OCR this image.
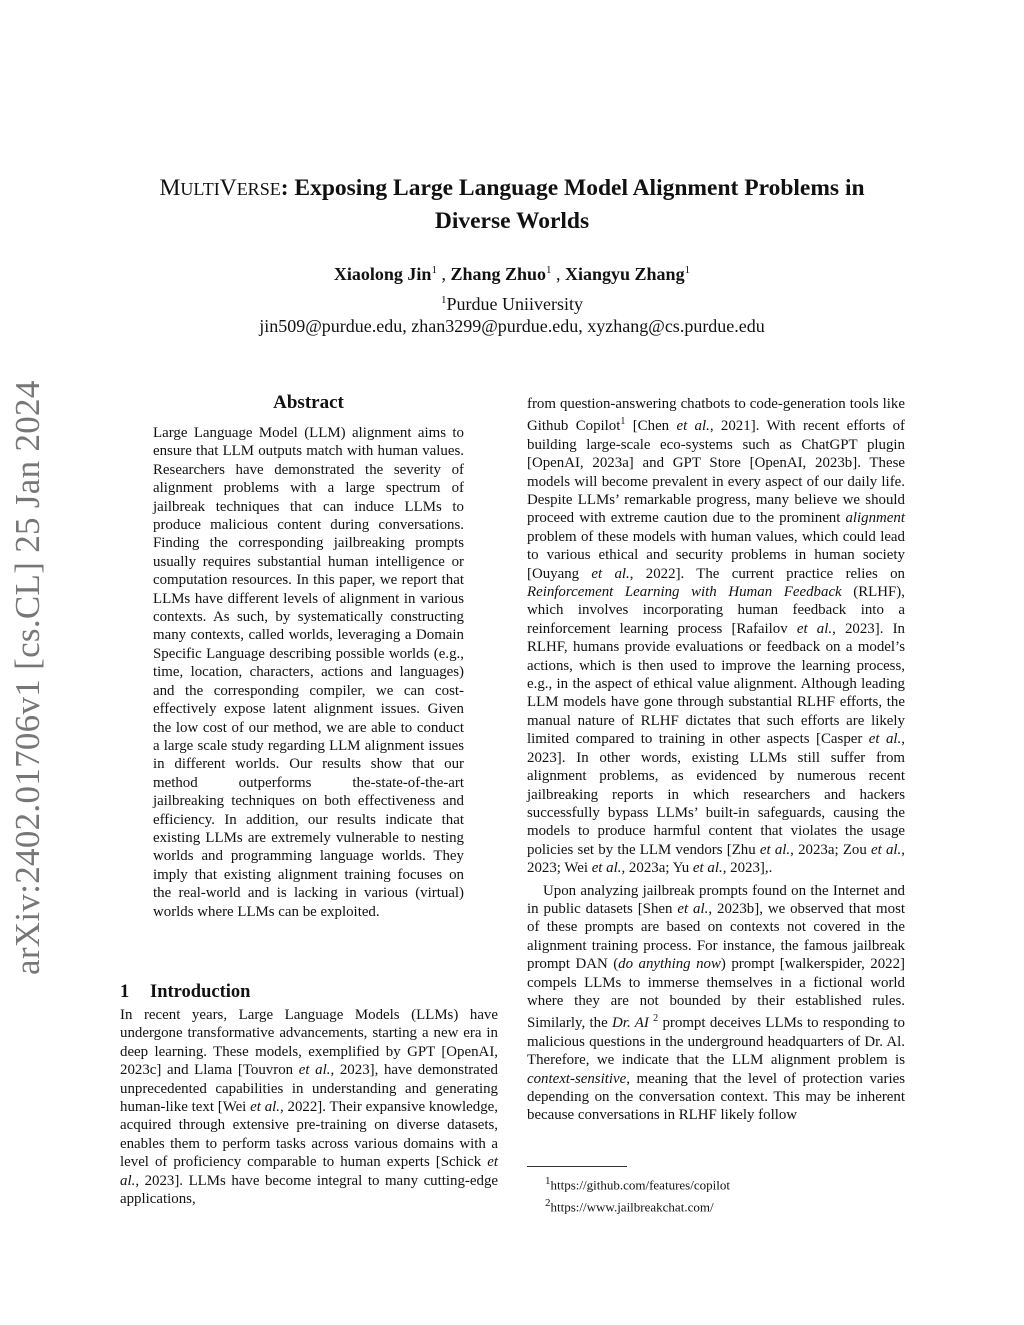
arXiv:2402.01706v1 [cs.CL] 25 Jan 2024
MULTIVERSE: Exposing Large Language Model Alignment Problems in
Diverse Worlds
Xiaolong Jin$^1$ , Zhang Zhuo$^1$ , Xiangyu Zhang$^1$
$^1$Purdue Uniiversity
jin509@purdue.edu, zhan3299@purdue.edu, xyzhang@cs.purdue.edu
Abstract
Large Language Model (LLM) alignment aims to ensure that LLM outputs match with human values. Researchers have demonstrated the severity of alignment problems with a large spectrum of jailbreak techniques that can induce LLMs to produce malicious content during conversations. Finding the corresponding jailbreaking prompts usually requires substantial human intelligence or computation resources. In this paper, we report that LLMs have different levels of alignment in various contexts. As such, by systematically constructing many contexts, called worlds, leveraging a Domain Specific Language describing possible worlds (e.g., time, location, characters, actions and languages) and the corresponding compiler, we can cost-effectively expose latent alignment issues. Given the low cost of our method, we are able to conduct a large scale study regarding LLM alignment issues in different worlds. Our results show that our method outperforms the-state-of-the-art jailbreaking techniques on both effectiveness and efficiency. In addition, our results indicate that existing LLMs are extremely vulnerable to nesting worlds and programming language worlds. They imply that existing alignment training focuses on the real-world and is lacking in various (virtual) worlds where LLMs can be exploited.
1 Introduction
In recent years, Large Language Models (LLMs) have undergone transformative advancements, starting a new era in deep learning. These models, exemplified by GPT [OpenAI, 2023c] and Llama [Touvron et al., 2023], have demonstrated unprecedented capabilities in understanding and generating human-like text [Wei et al., 2022]. Their expansive knowledge, acquired through extensive pre-training on diverse datasets, enables them to perform tasks across various domains with a level of proficiency comparable to human experts [Schick et al., 2023]. LLMs have become integral to many cutting-edge applications,

from question-answering chatbots to code-generation tools like Github Copilot$^1$ [Chen et al., 2021]. With recent efforts of building large-scale eco-systems such as ChatGPT plugin [OpenAI, 2023a] and GPT Store [OpenAI, 2023b]. These models will become prevalent in every aspect of our daily life. Despite LLMs’ remarkable progress, many believe we should proceed with extreme caution due to the prominent alignment problem of these models with human values, which could lead to various ethical and security problems in human society [Ouyang et al., 2022]. The current practice relies on Reinforcement Learning with Human Feedback (RLHF), which involves incorporating human feedback into a reinforcement learning process [Rafailov et al., 2023]. In RLHF, humans provide evaluations or feedback on a model’s actions, which is then used to improve the learning process, e.g., in the aspect of ethical value alignment. Although leading LLM models have gone through substantial RLHF efforts, the manual nature of RLHF dictates that such efforts are likely limited compared to training in other aspects [Casper et al., 2023]. In other words, existing LLMs still suffer from alignment problems, as evidenced by numerous recent jailbreaking reports in which researchers and hackers successfully bypass LLMs’ built-in safeguards, causing the models to produce harmful content that violates the usage policies set by the LLM vendors [Zhu et al., 2023a; Zou et al., 2023; Wei et al., 2023a; Yu et al., 2023],.

Upon analyzing jailbreak prompts found on the Internet and in public datasets [Shen et al., 2023b], we observed that most of these prompts are based on contexts not covered in the alignment training process. For instance, the famous jailbreak prompt DAN (do anything now) prompt [walkerspider, 2022] compels LLMs to immerse themselves in a fictional world where they are not bounded by their established rules. Similarly, the Dr. AI $^2$ prompt deceives LLMs to responding to malicious questions in the underground headquarters of Dr. Al. Therefore, we indicate that the LLM alignment problem is context-sensitive, meaning that the level of protection varies depending on the conversation context. This may be inherent because conversations in RLHF likely follow

$^1$https://github.com/features/copilot
$^2$https://www.jailbreakchat.com/
